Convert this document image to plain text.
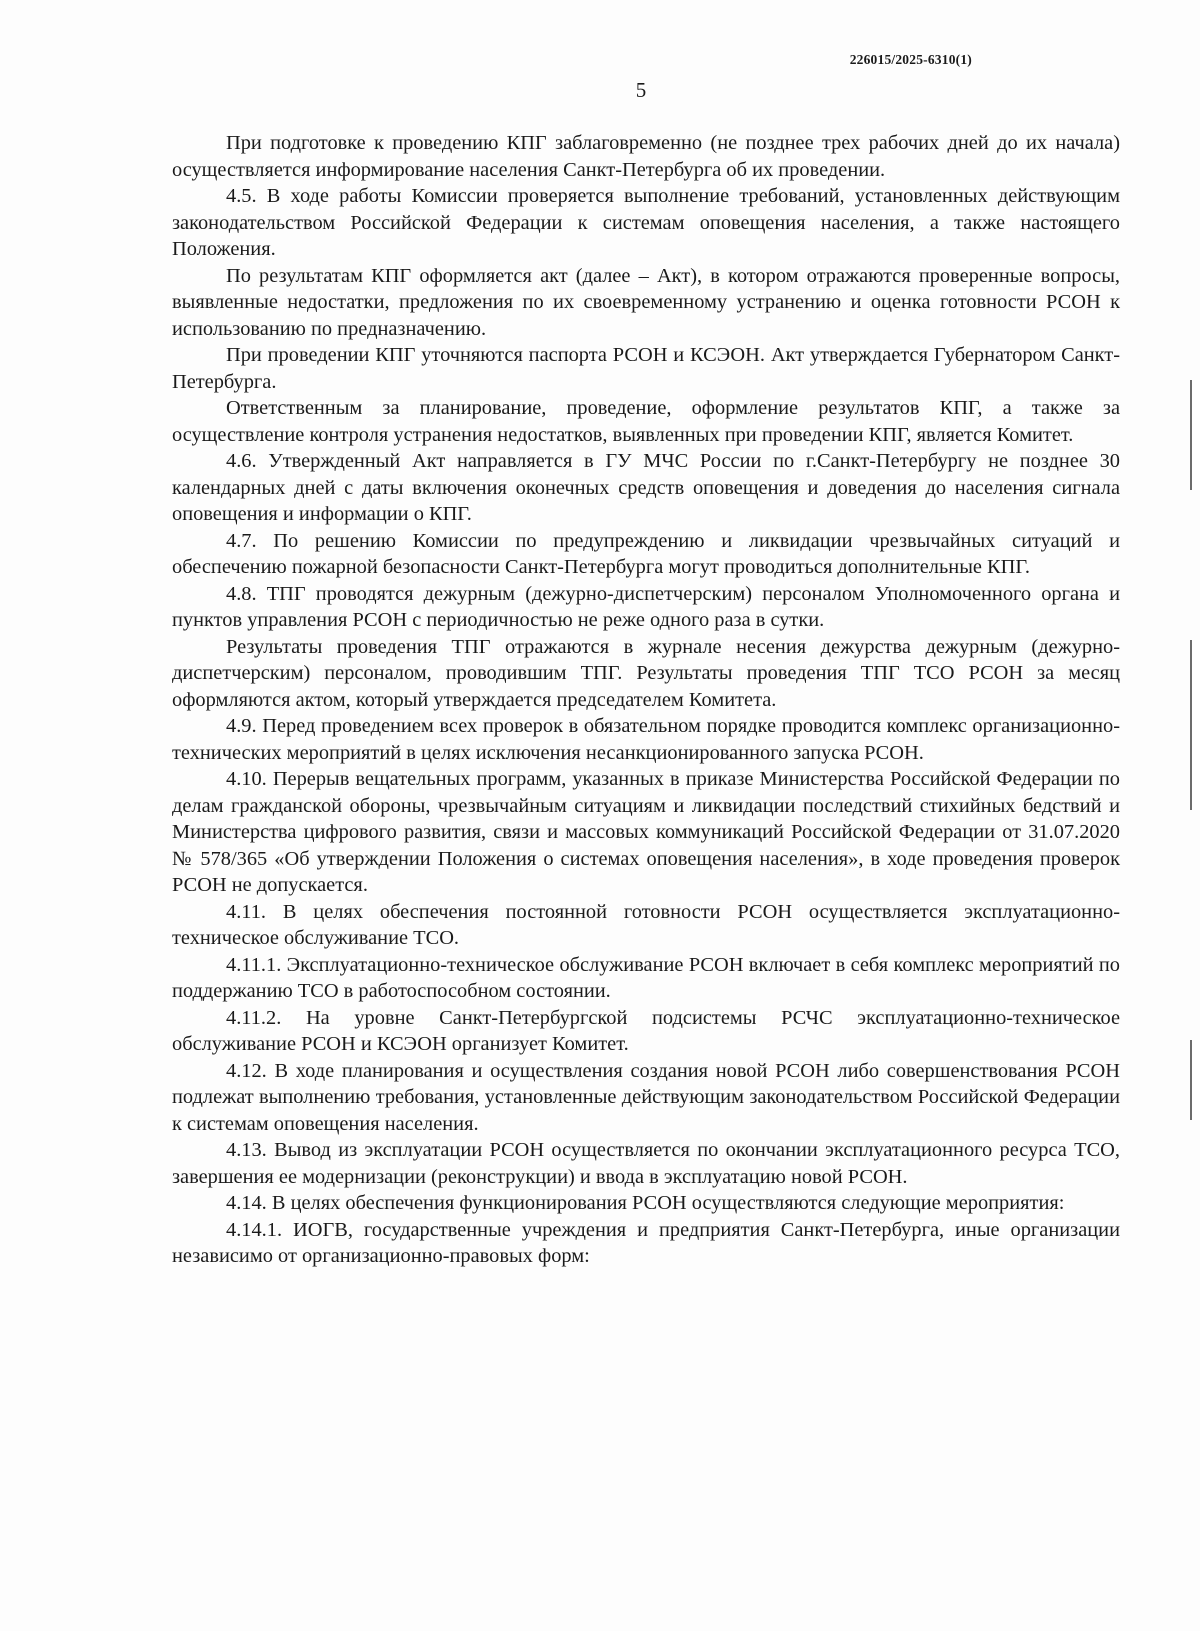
226015/2025-6310(1)
5

При подготовке к проведению КПГ заблаговременно (не позднее трех рабочих дней до их начала) осуществляется информирование населения Санкт-Петербурга об их проведении.

4.5. В ходе работы Комиссии проверяется выполнение требований, установленных действующим законодательством Российской Федерации к системам оповещения населения, а также настоящего Положения.

По результатам КПГ оформляется акт (далее – Акт), в котором отражаются проверенные вопросы, выявленные недостатки, предложения по их своевременному устранению и оценка готовности РСОН к использованию по предназначению.

При проведении КПГ уточняются паспорта РСОН и КСЭОН. Акт утверждается Губернатором Санкт-Петербурга.

Ответственным за планирование, проведение, оформление результатов КПГ, а также за осуществление контроля устранения недостатков, выявленных при проведении КПГ, является Комитет.

4.6. Утвержденный Акт направляется в ГУ МЧС России по г.Санкт-Петербургу не позднее 30 календарных дней с даты включения оконечных средств оповещения и доведения до населения сигнала оповещения и информации о КПГ.

4.7. По решению Комиссии по предупреждению и ликвидации чрезвычайных ситуаций и обеспечению пожарной безопасности Санкт-Петербурга могут проводиться дополнительные КПГ.

4.8. ТПГ проводятся дежурным (дежурно-диспетчерским) персоналом Уполномоченного органа и пунктов управления РСОН с периодичностью не реже одного раза в сутки.

Результаты проведения ТПГ отражаются в журнале несения дежурства дежурным (дежурно-диспетчерским) персоналом, проводившим ТПГ. Результаты проведения ТПГ ТСО РСОН за месяц оформляются актом, который утверждается председателем Комитета.

4.9. Перед проведением всех проверок в обязательном порядке проводится комплекс организационно-технических мероприятий в целях исключения несанкционированного запуска РСОН.

4.10. Перерыв вещательных программ, указанных в приказе Министерства Российской Федерации по делам гражданской обороны, чрезвычайным ситуациям и ликвидации последствий стихийных бедствий и Министерства цифрового развития, связи и массовых коммуникаций Российской Федерации от 31.07.2020 № 578/365 «Об утверждении Положения о системах оповещения населения», в ходе проведения проверок РСОН не допускается.

4.11. В целях обеспечения постоянной готовности РСОН осуществляется эксплуатационно-техническое обслуживание ТСО.

4.11.1. Эксплуатационно-техническое обслуживание РСОН включает в себя комплекс мероприятий по поддержанию ТСО в работоспособном состоянии.

4.11.2. На уровне Санкт-Петербургской подсистемы РСЧС эксплуатационно-техническое обслуживание РСОН и КСЭОН организует Комитет.

4.12. В ходе планирования и осуществления создания новой РСОН либо совершенствования РСОН подлежат выполнению требования, установленные действующим законодательством Российской Федерации к системам оповещения населения.

4.13. Вывод из эксплуатации РСОН осуществляется по окончании эксплуатационного ресурса ТСО, завершения ее модернизации (реконструкции) и ввода в эксплуатацию новой РСОН.

4.14. В целях обеспечения функционирования РСОН осуществляются следующие мероприятия:

4.14.1. ИОГВ, государственные учреждения и предприятия Санкт-Петербурга, иные организации независимо от организационно-правовых форм:
